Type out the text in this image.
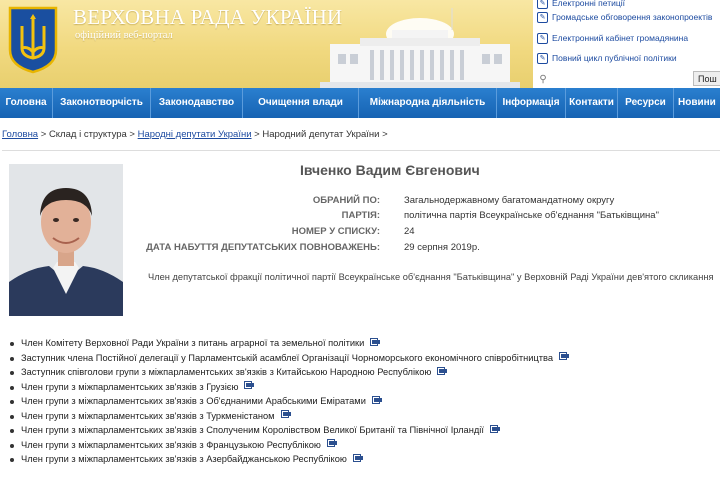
ВЕРХОВНА РАДА УКРАЇНИ
офіційний веб-портал
✎ Електронні петиції
✎ Громадське обговорення законопроектів
✎ Електронний кабінет громадянина
✎ Повний цикл публічної політики
⚲	Пош
Головна	Законотворчість	Законодавство	Очищення влади	Міжнародна діяльність	Інформація Контакти	Ресурси	Новини
Головна > Склад і структура > Народні депутати України > Народний депутат України >
Івченко Вадим Євгенович
ОБРАНИЙ ПО:	Загальнодержавному багатомандатному округу
ПАРТІЯ:	політична партія Всеукраїнське об'єднання "Батьківщина"
НОМЕР У СПИСКУ:	24
ДАТА НАБУТТЯ ДЕПУТАТСЬКИХ ПОВНОВАЖЕНЬ:	29 серпня 2019р.
Член депутатської фракції політичної партії Всеукраїнське об'єднання "Батьківщина" у Верховній Раді України дев'ятого скликання
Член Комітету Верховної Ради України з питань аграрної та земельної політики
Заступник члена Постійної делегації у Парламентській асамблеї Організації Чорноморського економічного співробітництва
Заступник співголови групи з міжпарламентських зв'язків з Китайською Народною Республікою
Член групи з міжпарламентських зв'язків з Грузією
Член групи з міжпарламентських зв'язків з Об'єднаними Арабськими Еміратами
Член групи з міжпарламентських зв'язків з Туркменістаном
Член групи з міжпарламентських зв'язків з Сполученим Королівством Великої Британії та Північної Ірландії
Член групи з міжпарламентських зв'язків з Французькою Республікою
Член групи з міжпарламентських зв'язків з Азербайджанською Республікою
